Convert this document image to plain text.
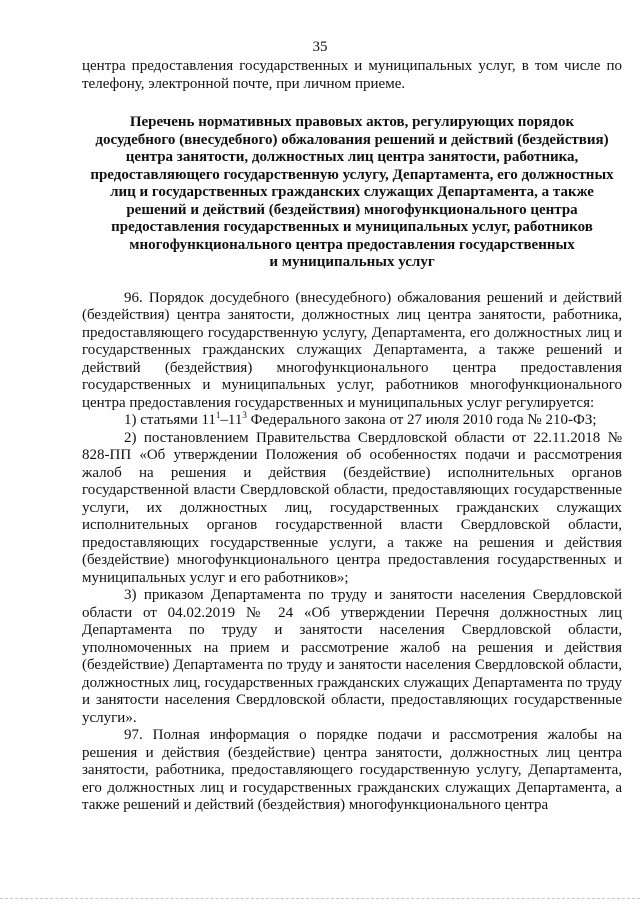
35

центра предоставления государственных и муниципальных услуг, в том числе по телефону, электронной почте, при личном приеме.

Перечень нормативных правовых актов, регулирующих порядок
досудебного (внесудебного) обжалования решений и действий (бездействия)
центра занятости, должностных лиц центра занятости, работника,
предоставляющего государственную услугу, Департамента, его должностных
лиц и государственных гражданских служащих Департамента, а также
решений и действий (бездействия) многофункционального центра
предоставления государственных и муниципальных услуг, работников
многофункционального центра предоставления государственных
и муниципальных услуг

96. Порядок досудебного (внесудебного) обжалования решений и действий (бездействия) центра занятости, должностных лиц центра занятости, работника, предоставляющего государственную услугу, Департамента, его должностных лиц и государственных гражданских служащих Департамента, а также решений и действий (бездействия) многофункционального центра предоставления государственных и муниципальных услуг, работников многофункционального центра предоставления государственных и муниципальных услуг регулируется:

1) статьями $11^1-11^3$ Федерального закона от 27 июля 2010 года № 210-ФЗ;

2) постановлением Правительства Свердловской области от 22.11.2018 № 828-ПП «Об утверждении Положения об особенностях подачи и рассмотрения жалоб на решения и действия (бездействие) исполнительных органов государственной власти Свердловской области, предоставляющих государственные услуги, их должностных лиц, государственных гражданских служащих исполнительных органов государственной власти Свердловской области, предоставляющих государственные услуги, а также на решения и действия (бездействие) многофункционального центра предоставления государственных и муниципальных услуг и его работников»;

3) приказом Департамента по труду и занятости населения Свердловской области от 04.02.2019 № 24 «Об утверждении Перечня должностных лиц Департамента по труду и занятости населения Свердловской области, уполномоченных на прием и рассмотрение жалоб на решения и действия (бездействие) Департамента по труду и занятости населения Свердловской области, должностных лиц, государственных гражданских служащих Департамента по труду и занятости населения Свердловской области, предоставляющих государственные услуги».

97. Полная информация о порядке подачи и рассмотрения жалобы на решения и действия (бездействие) центра занятости, должностных лиц центра занятости, работника, предоставляющего государственную услугу, Департамента, его должностных лиц и государственных гражданских служащих Департамента, а также решений и действий (бездействия) многофункционального центра
